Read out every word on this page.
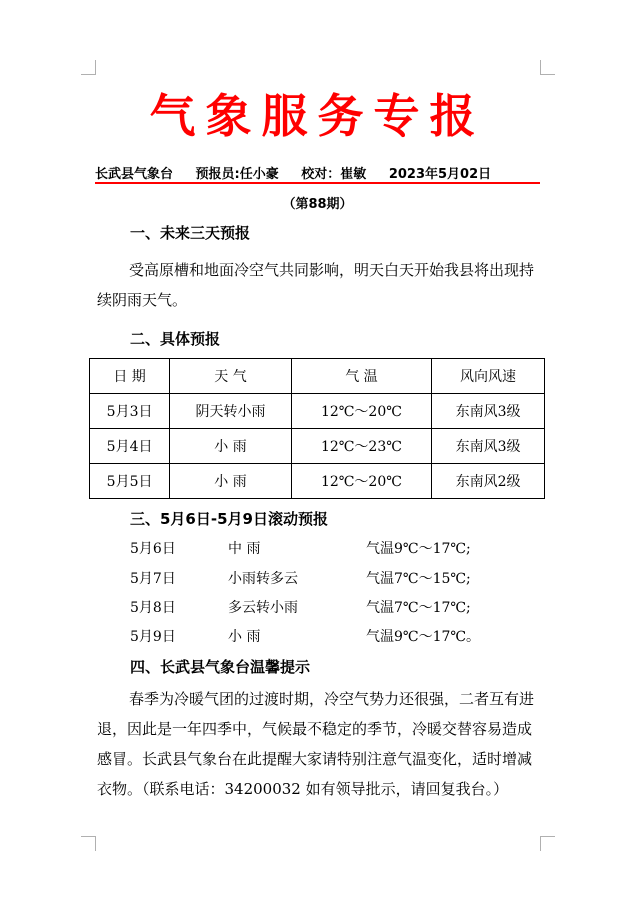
气象服务专报
长武县气象台 预报员:任小豪 校对：崔敏 2023年5月02日
（第88期）
一、未来三天预报
受高原槽和地面冷空气共同影响，明天白天开始我县将出现持续阴雨天气。
二、具体预报
日 期	天 气	气 温	风向风速
5月3日	阴天转小雨	12℃～20℃	东南风3级
5月4日	小 雨	12℃～23℃	东南风3级
5月5日	小 雨	12℃～20℃	东南风2级
三、5月6日-5月9日滚动预报
5月6日	中 雨	气温9℃～17℃;
5月7日	小雨转多云	气温7℃～15℃;
5月8日	多云转小雨	气温7℃～17℃;
5月9日	小 雨	气温9℃～17℃。
四、长武县气象台温馨提示
春季为冷暖气团的过渡时期，冷空气势力还很强，二者互有进退，因此是一年四季中，气候最不稳定的季节，冷暖交替容易造成感冒。长武县气象台在此提醒大家请特别注意气温变化，适时增减衣物。（联系电话：34200032 如有领导批示，请回复我台。）
